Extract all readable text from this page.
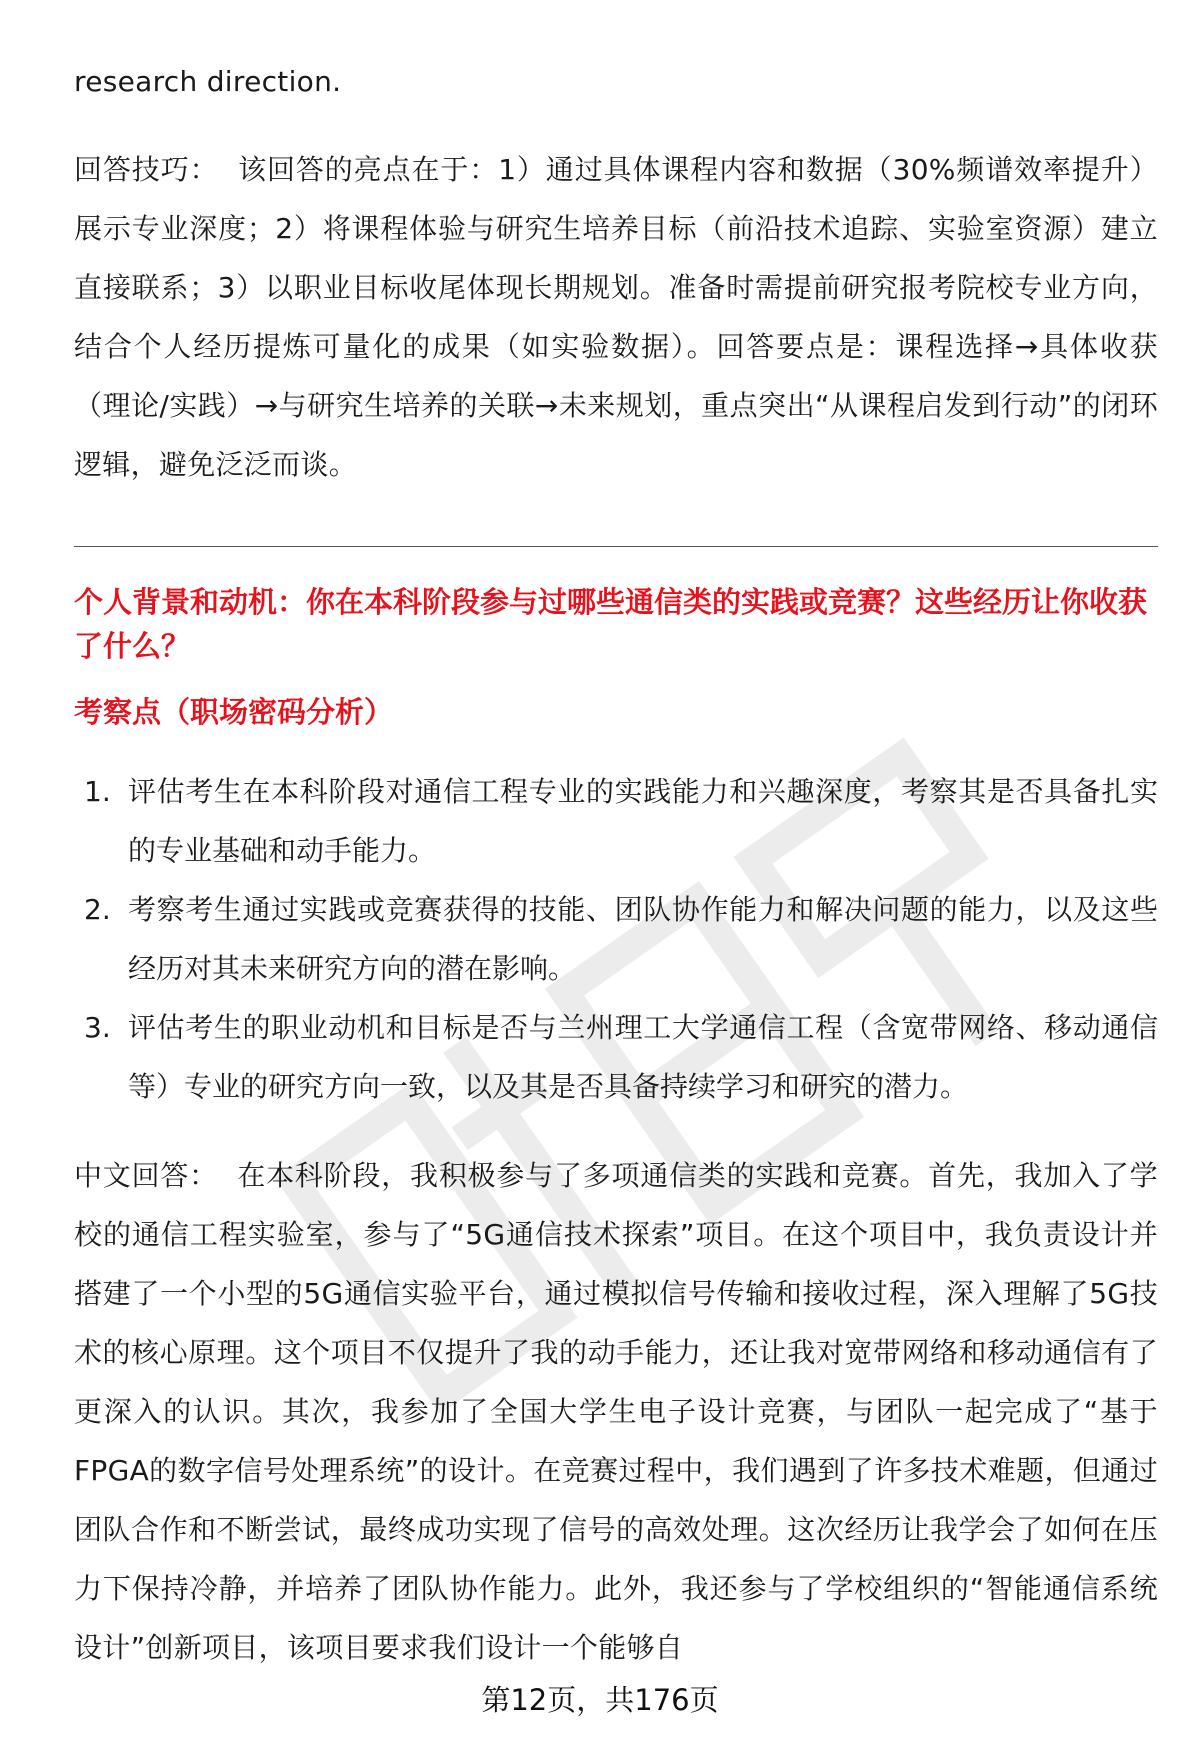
research direction.

回答技巧： 该回答的亮点在于：1）通过具体课程内容和数据（30%频谱效率提升）展示专业深度；2）将课程体验与研究生培养目标（前沿技术追踪、实验室资源）建立直接联系；3）以职业目标收尾体现长期规划。准备时需提前研究报考院校专业方向，结合个人经历提炼可量化的成果（如实验数据）。回答要点是：课程选择→具体收获（理论/实践）→与研究生培养的关联→未来规划，重点突出“从课程启发到行动”的闭环逻辑，避免泛泛而谈。

个人背景和动机：你在本科阶段参与过哪些通信类的实践或竞赛？这些经历让你收获了什么？

考察点（职场密码分析）

1. 评估考生在本科阶段对通信工程专业的实践能力和兴趣深度，考察其是否具备扎实的专业基础和动手能力。
2. 考察考生通过实践或竞赛获得的技能、团队协作能力和解决问题的能力，以及这些经历对其未来研究方向的潜在影响。
3. 评估考生的职业动机和目标是否与兰州理工大学通信工程（含宽带网络、移动通信等）专业的研究方向一致，以及其是否具备持续学习和研究的潜力。

中文回答： 在本科阶段，我积极参与了多项通信类的实践和竞赛。首先，我加入了学校的通信工程实验室，参与了“5G通信技术探索”项目。在这个项目中，我负责设计并搭建了一个小型的5G通信实验平台，通过模拟信号传输和接收过程，深入理解了5G技术的核心原理。这个项目不仅提升了我的动手能力，还让我对宽带网络和移动通信有了更深入的认识。其次，我参加了全国大学生电子设计竞赛，与团队一起完成了“基于FPGA的数字信号处理系统”的设计。在竞赛过程中，我们遇到了许多技术难题，但通过团队合作和不断尝试，最终成功实现了信号的高效处理。这次经历让我学会了如何在压力下保持冷静，并培养了团队协作能力。此外，我还参与了学校组织的“智能通信系统设计”创新项目，该项目要求我们设计一个能够自

第12页，共176页
